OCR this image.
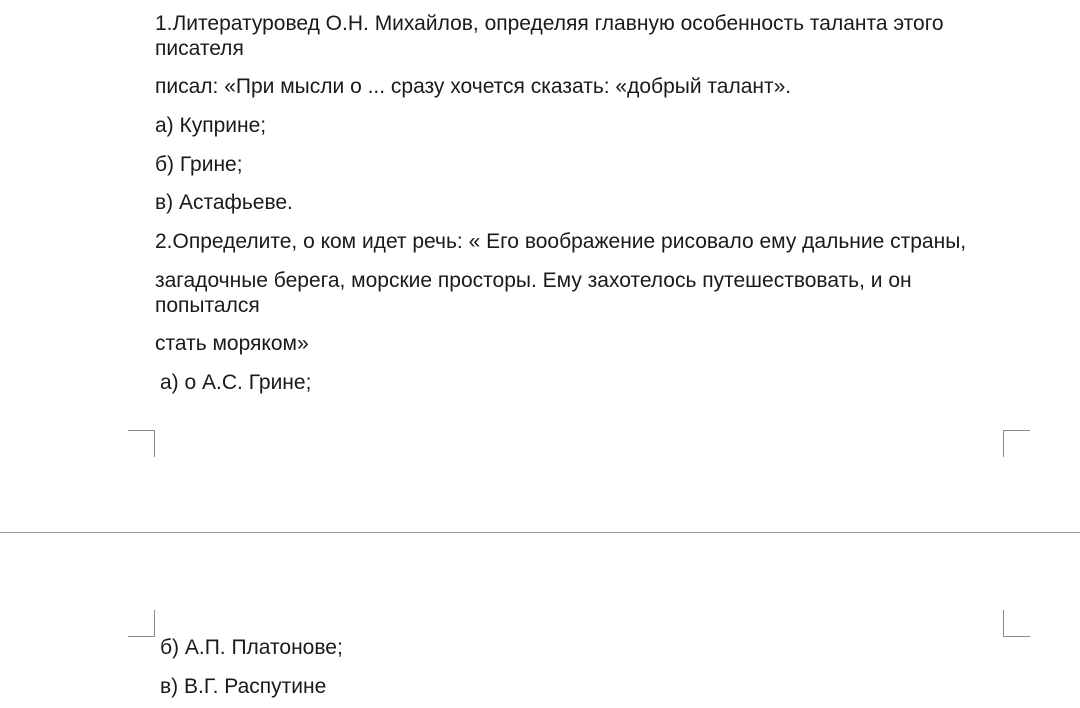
1.Литературовед О.Н. Михайлов, определяя главную особенность таланта этого
писателя
писал: «При мысли о ... сразу хочется сказать: «добрый талант».
а) Куприне;
б) Грине;
в) Астафьеве.
2.Определите, о ком идет речь: « Его воображение рисовало ему дальние страны,
загадочные берега, морские просторы. Ему захотелось путешествовать, и он
попытался
стать моряком»
а) о А.С. Грине;
б) А.П. Платонове;
в) В.Г. Распутине
